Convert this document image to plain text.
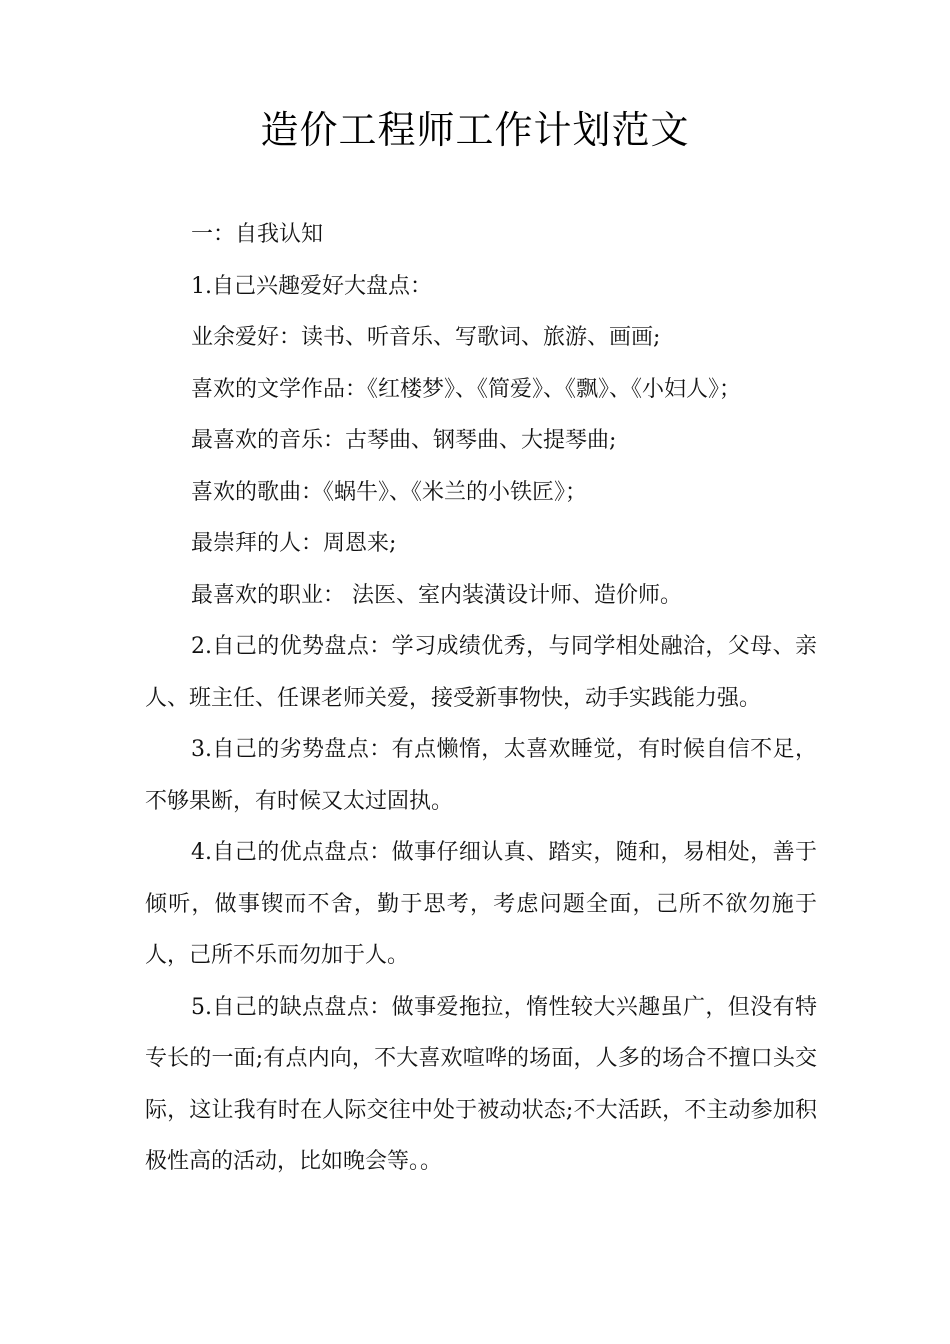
造价工程师工作计划范文

一：自我认知

1.自己兴趣爱好大盘点：

业余爱好：读书、听音乐、写歌词、旅游、画画;

喜欢的文学作品：《红楼梦》、《简爱》、《飘》、《小妇人》；

最喜欢的音乐：古琴曲、钢琴曲、大提琴曲;

喜欢的歌曲：《蜗牛》、《米兰的小铁匠》；

最崇拜的人：周恩来;

最喜欢的职业： 法医、室内装潢设计师、造价师。

2.自己的优势盘点：学习成绩优秀，与同学相处融洽，父母、亲人、班主任、任课老师关爱，接受新事物快，动手实践能力强。

3.自己的劣势盘点：有点懒惰，太喜欢睡觉，有时候自信不足，不够果断，有时候又太过固执。

4.自己的优点盘点：做事仔细认真、踏实，随和，易相处，善于倾听，做事锲而不舍，勤于思考，考虑问题全面，己所不欲勿施于人，己所不乐而勿加于人。

5.自己的缺点盘点：做事爱拖拉，惰性较大兴趣虽广，但没有特专长的一面;有点内向，不大喜欢喧哗的场面，人多的场合不擅口头交际，这让我有时在人际交往中处于被动状态;不大活跃，不主动参加积极性高的活动，比如晚会等。。
